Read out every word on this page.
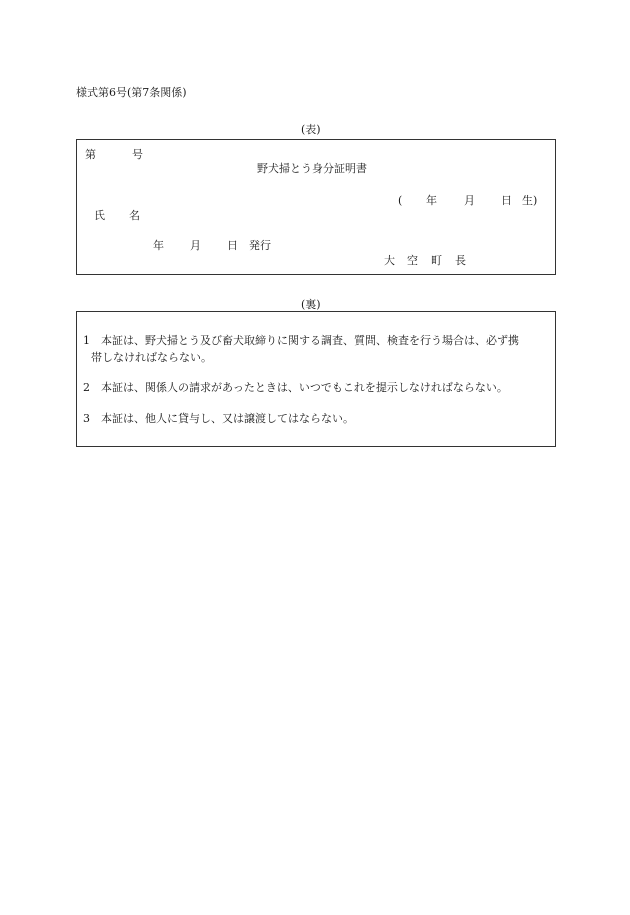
様式第6号(第7条関係)
(表)
第	号
野犬掃とう身分証明書
( 年 月 日 生)
氏 名
年 月 日 発行
大 空 町 長
(裏)
1 本証は、野犬掃とう及び畜犬取締りに関する調査、質問、検査を行う場合は、必ず携
帯しなければならない。
2 本証は、関係人の請求があったときは、いつでもこれを提示しなければならない。
3 本証は、他人に貸与し、又は譲渡してはならない。
